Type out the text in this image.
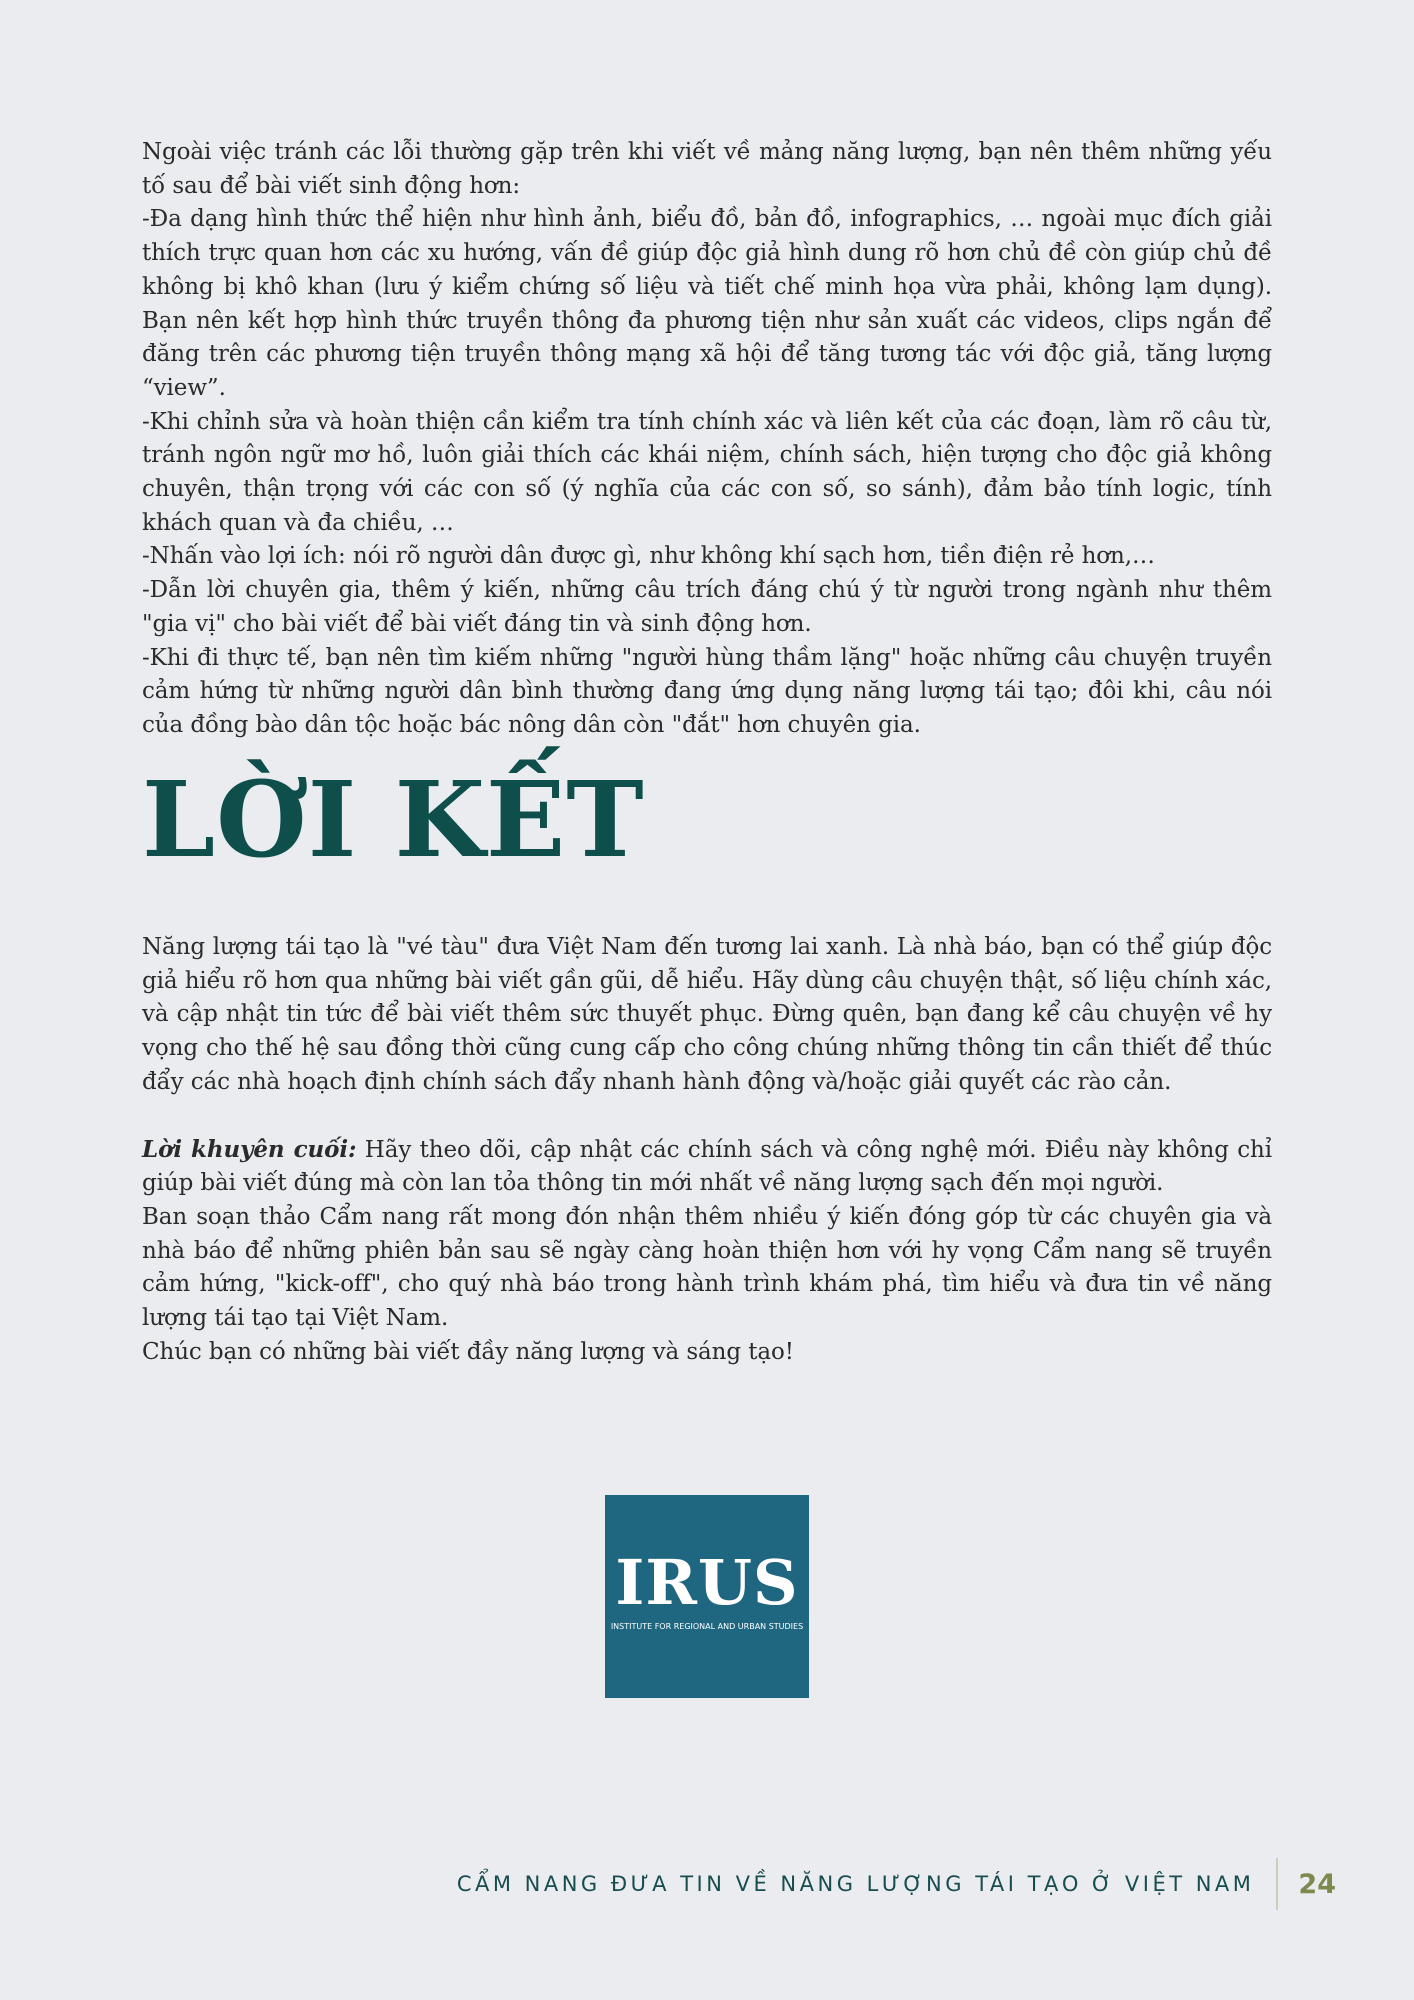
Ngoài việc tránh các lỗi thường gặp trên khi viết về mảng năng lượng, bạn nên thêm những yếu tố sau để bài viết sinh động hơn:

-Đa dạng hình thức thể hiện như hình ảnh, biểu đồ, bản đồ, infographics, … ngoài mục đích giải thích trực quan hơn các xu hướng, vấn đề giúp độc giả hình dung rõ hơn chủ đề còn giúp chủ đề không bị khô khan (lưu ý kiểm chứng số liệu và tiết chế minh họa vừa phải, không lạm dụng). Bạn nên kết hợp hình thức truyền thông đa phương tiện như sản xuất các videos, clips ngắn để đăng trên các phương tiện truyền thông mạng xã hội để tăng tương tác với độc giả, tăng lượng “view”.

-Khi chỉnh sửa và hoàn thiện cần kiểm tra tính chính xác và liên kết của các đoạn, làm rõ câu từ, tránh ngôn ngữ mơ hồ, luôn giải thích các khái niệm, chính sách, hiện tượng cho độc giả không chuyên, thận trọng với các con số (ý nghĩa của các con số, so sánh), đảm bảo tính logic, tính khách quan và đa chiều, …

-Nhấn vào lợi ích: nói rõ người dân được gì, như không khí sạch hơn, tiền điện rẻ hơn,…

-Dẫn lời chuyên gia, thêm ý kiến, những câu trích đáng chú ý từ người trong ngành như thêm "gia vị" cho bài viết để bài viết đáng tin và sinh động hơn.

-Khi đi thực tế, bạn nên tìm kiếm những "người hùng thầm lặng" hoặc những câu chuyện truyền cảm hứng từ những người dân bình thường đang ứng dụng năng lượng tái tạo; đôi khi, câu nói của đồng bào dân tộc hoặc bác nông dân còn "đắt" hơn chuyên gia.

LỜI KẾT

Năng lượng tái tạo là "vé tàu" đưa Việt Nam đến tương lai xanh. Là nhà báo, bạn có thể giúp độc giả hiểu rõ hơn qua những bài viết gần gũi, dễ hiểu. Hãy dùng câu chuyện thật, số liệu chính xác, và cập nhật tin tức để bài viết thêm sức thuyết phục. Đừng quên, bạn đang kể câu chuyện về hy vọng cho thế hệ sau đồng thời cũng cung cấp cho công chúng những thông tin cần thiết để thúc đẩy các nhà hoạch định chính sách đẩy nhanh hành động và/hoặc giải quyết các rào cản.

Lời khuyên cuối: Hãy theo dõi, cập nhật các chính sách và công nghệ mới. Điều này không chỉ giúp bài viết đúng mà còn lan tỏa thông tin mới nhất về năng lượng sạch đến mọi người.

Ban soạn thảo Cẩm nang rất mong đón nhận thêm nhiều ý kiến đóng góp từ các chuyên gia và nhà báo để những phiên bản sau sẽ ngày càng hoàn thiện hơn với hy vọng Cẩm nang sẽ truyền cảm hứng, "kick-off", cho quý nhà báo trong hành trình khám phá, tìm hiểu và đưa tin về năng lượng tái tạo tại Việt Nam.

Chúc bạn có những bài viết đầy năng lượng và sáng tạo!

IRUS
INSTITUTE FOR REGIONAL AND URBAN STUDIES
CẨM NANG ĐƯA TIN VỀ NĂNG LƯỢNG TÁI TẠO Ở VIỆT NAM 24
